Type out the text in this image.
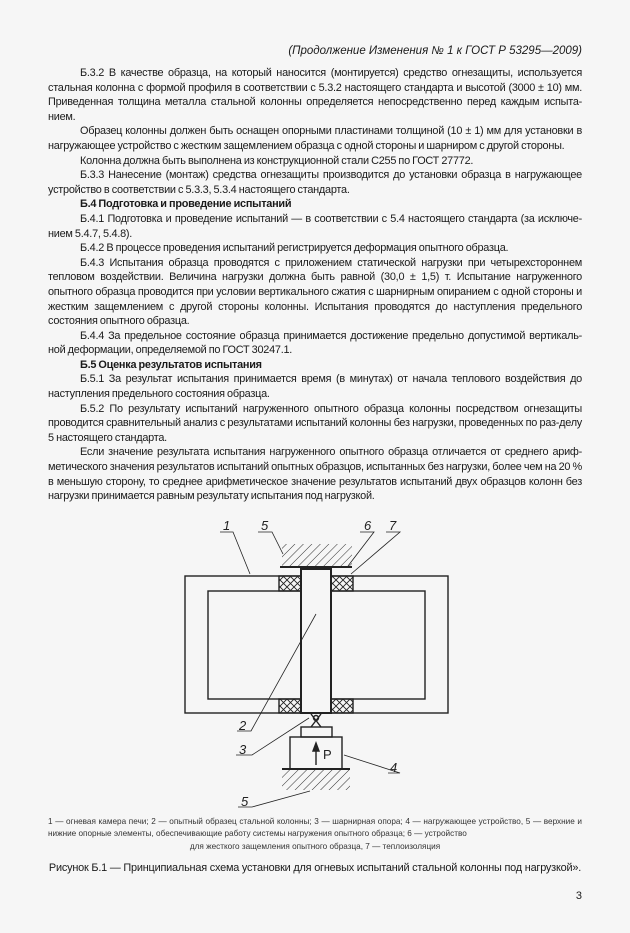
(Продолжение Изменения № 1 к ГОСТ Р 53295—2009)

Б.3.2 В качестве образца, на который наносится (монтируется) средство огнезащиты, используется стальная колонна с формой профиля в соответствии с 5.3.2 настоящего стандарта и высотой (3000 ± 10) мм. Приведенная толщина металла стальной колонны определяется непосредственно перед каждым испыта-нием.

Образец колонны должен быть оснащен опорными пластинами толщиной (10 ± 1) мм для установки в нагружающее устройство с жестким защемлением образца с одной стороны и шарниром с другой стороны.

Колонна должна быть выполнена из конструкционной стали С255 по ГОСТ 27772.

Б.3.3 Нанесение (монтаж) средства огнезащиты производится до установки образца в нагружающее устройство в соответствии с 5.3.3, 5.3.4 настоящего стандарта.

Б.4 Подготовка и проведение испытаний

Б.4.1 Подготовка и проведение испытаний — в соответствии с 5.4 настоящего стандарта (за исключе-нием 5.4.7, 5.4.8).

Б.4.2 В процессе проведения испытаний регистрируется деформация опытного образца.

Б.4.3 Испытания образца проводятся с приложением статической нагрузки при четырехстороннем тепловом воздействии. Величина нагрузки должна быть равной (30,0 ± 1,5) т. Испытание нагруженного опытного образца проводится при условии вертикального сжатия с шарнирным опиранием с одной стороны и жестким защемлением с другой стороны колонны. Испытания проводятся до наступления предельного состояния опытного образца.

Б.4.4 За предельное состояние образца принимается достижение предельно допустимой вертикаль-ной деформации, определяемой по ГОСТ 30247.1.

Б.5 Оценка результатов испытания

Б.5.1 За результат испытания принимается время (в минутах) от начала теплового воздействия до наступления предельного состояния образца.

Б.5.2 По результату испытаний нагруженного опытного образца колонны посредством огнезащиты проводится сравнительный анализ с результатами испытаний колонны без нагрузки, проведенных по раз-делу 5 настоящего стандарта.

Если значение результата испытания нагруженного опытного образца отличается от среднего ариф-метического значения результатов испытаний опытных образцов, испытанных без нагрузки, более чем на 20 % в меньшую сторону, то среднее арифметическое значение результатов испытаний двух образцов колонн без нагрузки принимается равным результату испытания под нагрузкой.

1 5	6 7
2
3
4
5
P
1 — огневая камера печи; 2 — опытный образец стальной колонны; 3 — шарнирная опора; 4 — нагружающее устройство, 5 — верхние и нижние опорные элементы, обеспечивающие работу системы нагружения опытного образца; 6 — устройство
для жесткого защемления опытного образца, 7 — теплоизоляция
Рисунок Б.1 — Принципиальная схема установки для огневых испытаний стальной колонны под нагрузкой».
3
